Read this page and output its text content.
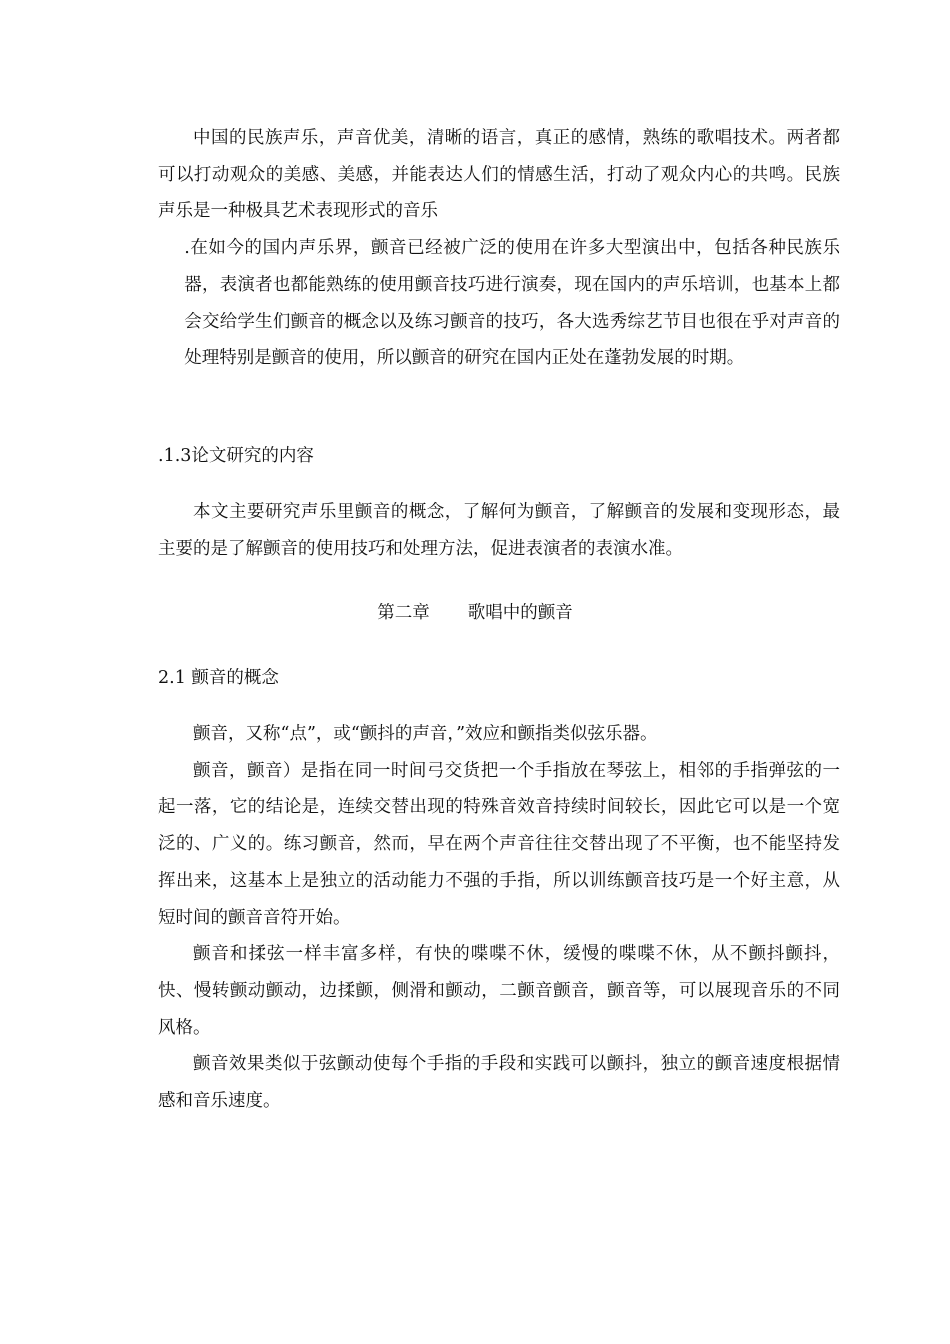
中国的民族声乐，声音优美，清晰的语言，真正的感情，熟练的歌唱技术。两者都可以打动观众的美感、美感，并能表达人们的情感生活，打动了观众内心的共鸣。民族声乐是一种极具艺术表现形式的音乐

.在如今的国内声乐界，颤音已经被广泛的使用在许多大型演出中，包括各种民族乐器，表演者也都能熟练的使用颤音技巧进行演奏，现在国内的声乐培训，也基本上都会交给学生们颤音的概念以及练习颤音的技巧，各大选秀综艺节目也很在乎对声音的处理特别是颤音的使用，所以颤音的研究在国内正处在蓬勃发展的时期。

.1.3论文研究的内容

本文主要研究声乐里颤音的概念，了解何为颤音，了解颤音的发展和变现形态，最主要的是了解颤音的使用技巧和处理方法，促进表演者的表演水准。

第二章 歌唱中的颤音
2.1 颤音的概念

颤音，又称“点”，或“颤抖的声音，”效应和颤指类似弦乐器。

颤音，颤音）是指在同一时间弓交货把一个手指放在琴弦上，相邻的手指弹弦的一起一落，它的结论是，连续交替出现的特殊音效音持续时间较长，因此它可以是一个宽泛的、广义的。练习颤音，然而，早在两个声音往往交替出现了不平衡，也不能坚持发挥出来，这基本上是独立的活动能力不强的手指，所以训练颤音技巧是一个好主意，从短时间的颤音音符开始。

颤音和揉弦一样丰富多样，有快的喋喋不休，缓慢的喋喋不休，从不颤抖颤抖，快、慢转颤动颤动，边揉颤，侧滑和颤动，二颤音颤音，颤音等，可以展现音乐的不同风格。

颤音效果类似于弦颤动使每个手指的手段和实践可以颤抖，独立的颤音速度根据情感和音乐速度。
